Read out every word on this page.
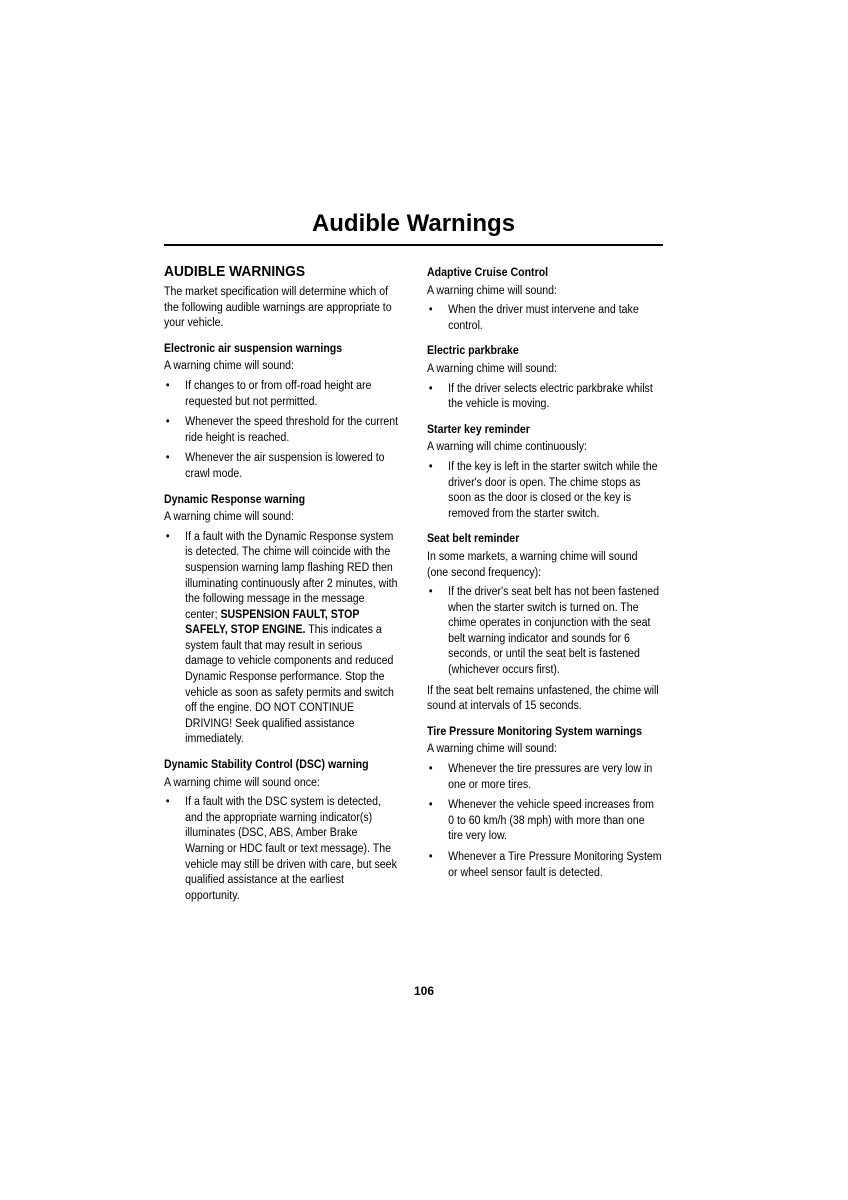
Audible Warnings
AUDIBLE WARNINGS

The market specification will determine which of the following audible warnings are appropriate to your vehicle.

Electronic air suspension warnings

A warning chime will sound:

• If changes to or from off-road height are requested but not permitted.
• Whenever the speed threshold for the current ride height is reached.
• Whenever the air suspension is lowered to crawl mode.
Dynamic Response warning

A warning chime will sound:

• If a fault with the Dynamic Response system is detected. The chime will coincide with the suspension warning lamp flashing RED then illuminating continuously after 2 minutes, with the following message in the message center; SUSPENSION FAULT, STOP SAFELY, STOP ENGINE. This indicates a system fault that may result in serious damage to vehicle components and reduced Dynamic Response performance. Stop the vehicle as soon as safety permits and switch off the engine. DO NOT CONTINUE DRIVING! Seek qualified assistance immediately.
Dynamic Stability Control (DSC) warning

A warning chime will sound once:

• If a fault with the DSC system is detected, and the appropriate warning indicator(s) illuminates (DSC, ABS, Amber Brake Warning or HDC fault or text message). The vehicle may still be driven with care, but seek qualified assistance at the earliest opportunity.
Adaptive Cruise Control

A warning chime will sound:

• When the driver must intervene and take control.
Electric parkbrake

A warning chime will sound:

• If the driver selects electric parkbrake whilst the vehicle is moving.
Starter key reminder

A warning will chime continuously:

• If the key is left in the starter switch while the driver's door is open. The chime stops as soon as the door is closed or the key is removed from the starter switch.
Seat belt reminder

In some markets, a warning chime will sound (one second frequency):

• If the driver's seat belt has not been fastened when the starter switch is turned on. The chime operates in conjunction with the seat belt warning indicator and sounds for 6 seconds, or until the seat belt is fastened (whichever occurs first).

If the seat belt remains unfastened, the chime will sound at intervals of 15 seconds.

Tire Pressure Monitoring System warnings

A warning chime will sound:

• Whenever the tire pressures are very low in one or more tires.
• Whenever the vehicle speed increases from 0 to 60 km/h (38 mph) with more than one tire very low.
• Whenever a Tire Pressure Monitoring System or wheel sensor fault is detected.
106
